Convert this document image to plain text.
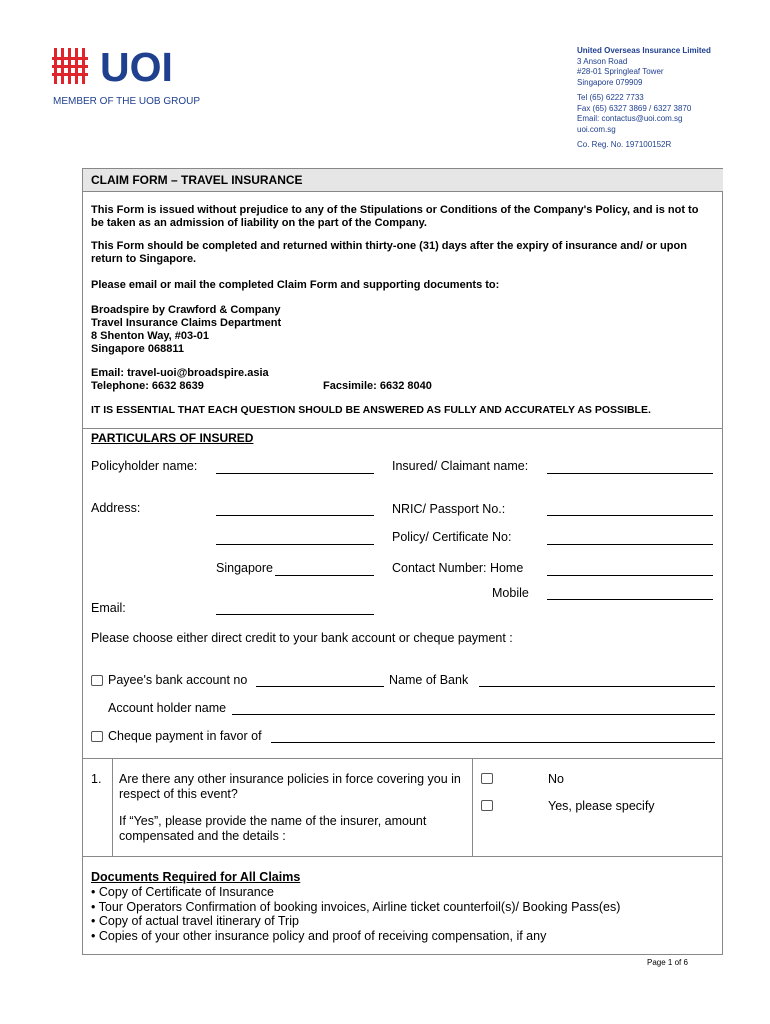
UOI
MEMBER OF THE UOB GROUP
United Overseas Insurance Limited
3 Anson Road
#28-01 Springleaf Tower
Singapore 079909
Tel (65) 6222 7733
Fax (65) 6327 3869 / 6327 3870
Email: contactus@uoi.com.sg
uoi.com.sg
Co. Reg. No. 197100152R
CLAIM FORM – TRAVEL INSURANCE
This Form is issued without prejudice to any of the Stipulations or Conditions of the Company's Policy, and is not to be taken as an admission of liability on the part of the Company.
This Form should be completed and returned within thirty-one (31) days after the expiry of insurance and/ or upon return to Singapore.
Please email or mail the completed Claim Form and supporting documents to:
Broadspire by Crawford & Company
Travel Insurance Claims Department
8 Shenton Way, #03-01
Singapore 068811
Email: travel-uoi@broadspire.asia
Telephone: 6632 8639	Facsimile: 6632 8040
IT IS ESSENTIAL THAT EACH QUESTION SHOULD BE ANSWERED AS FULLY AND ACCURATELY AS POSSIBLE.
PARTICULARS OF INSURED
Policyholder name:	Insured/ Claimant name:
Address:	NRIC/ Passport No.:
Policy/ Certificate No:
Singapore	Contact Number: Home
Mobile
Email:
Please choose either direct credit to your bank account or cheque payment :
Payee's bank account no	Name of Bank
Account holder name
Cheque payment in favor of
1. Are there any other insurance policies in force covering you in respect of this event?
If “Yes”, please provide the name of the insurer, amount compensated and the details :
No
Yes, please specify
Documents Required for All Claims
• Copy of Certificate of Insurance
• Tour Operators Confirmation of booking invoices, Airline ticket counterfoil(s)/ Booking Pass(es)
• Copy of actual travel itinerary of Trip
• Copies of your other insurance policy and proof of receiving compensation, if any
Page 1 of 6
